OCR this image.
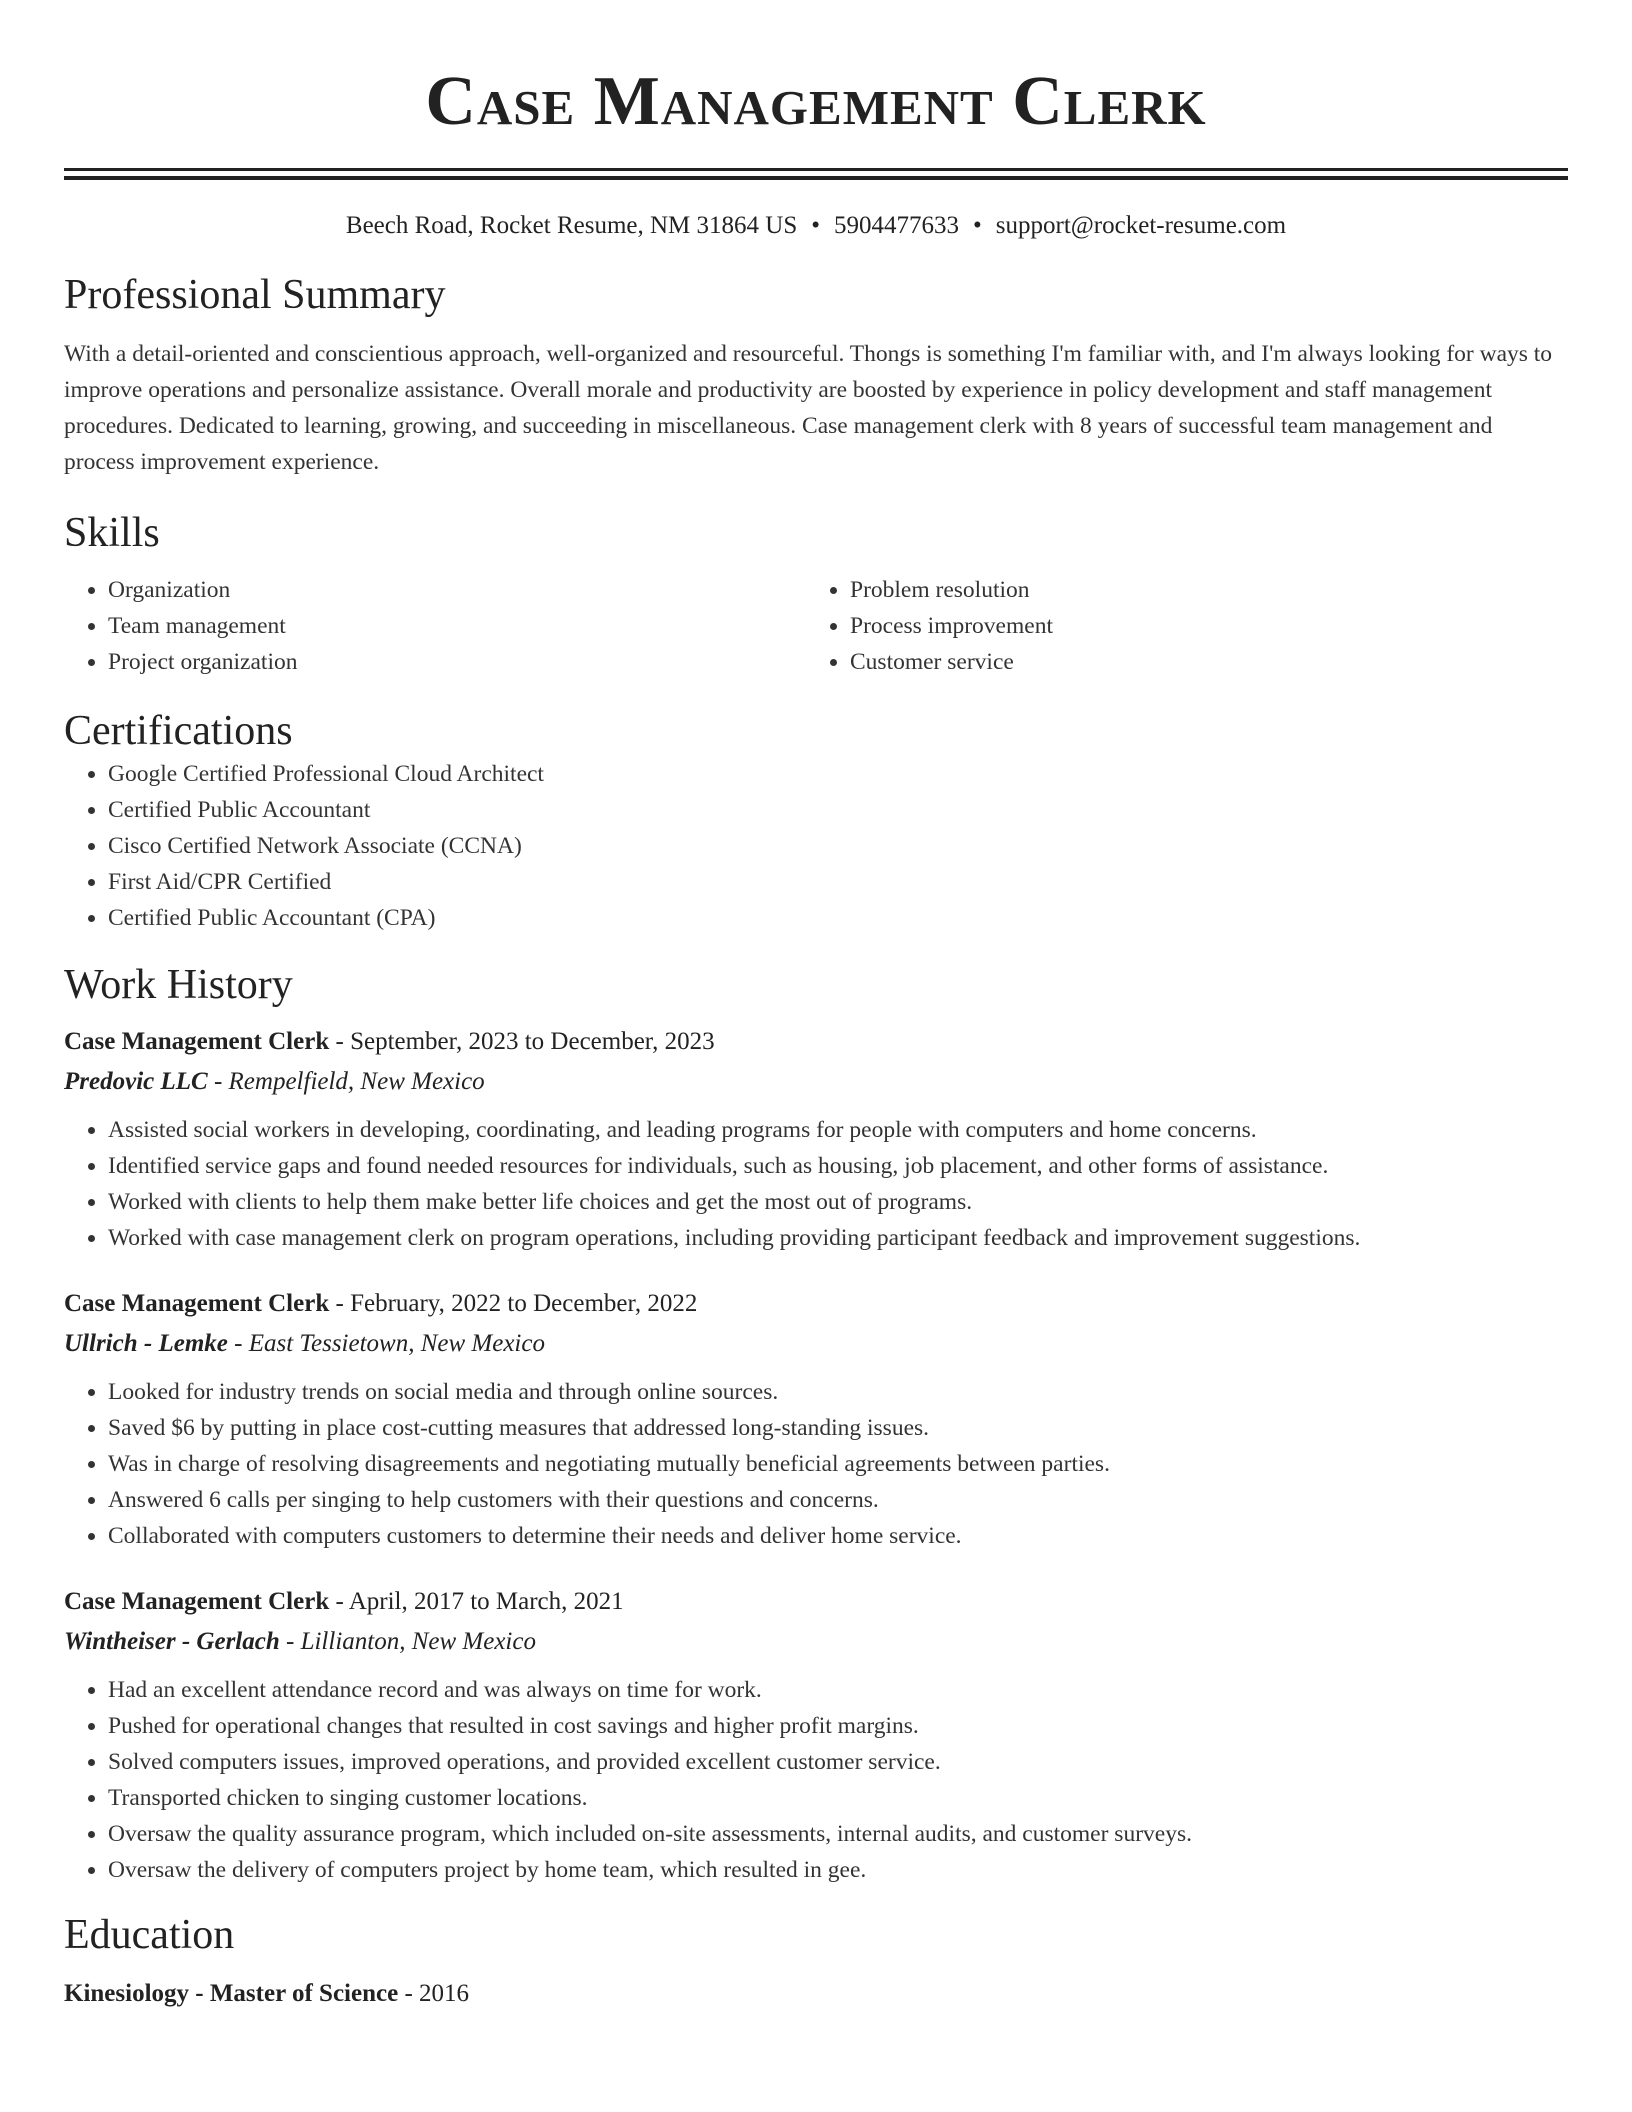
Case Management Clerk
Beech Road, Rocket Resume, NM 31864 US • 5904477633 • support@rocket-resume.com
Professional Summary

With a detail-oriented and conscientious approach, well-organized and resourceful. Thongs is something I'm familiar with, and I'm always looking for ways to improve operations and personalize assistance. Overall morale and productivity are boosted by experience in policy development and staff management procedures. Dedicated to learning, growing, and succeeding in miscellaneous. Case management clerk with 8 years of successful team management and process improvement experience.

Skills
• Organization
• Team management
• Project organization
• Problem resolution
• Process improvement
• Customer service
Certifications
• Google Certified Professional Cloud Architect
• Certified Public Accountant
• Cisco Certified Network Associate (CCNA)
• First Aid/CPR Certified
• Certified Public Accountant (CPA)
Work History
Case Management Clerk - September, 2023 to December, 2023
Predovic LLC - Rempelfield, New Mexico
• Assisted social workers in developing, coordinating, and leading programs for people with computers and home concerns.
• Identified service gaps and found needed resources for individuals, such as housing, job placement, and other forms of assistance.
• Worked with clients to help them make better life choices and get the most out of programs.
• Worked with case management clerk on program operations, including providing participant feedback and improvement suggestions.
Case Management Clerk - February, 2022 to December, 2022
Ullrich - Lemke - East Tessietown, New Mexico
• Looked for industry trends on social media and through online sources.
• Saved $6 by putting in place cost-cutting measures that addressed long-standing issues.
• Was in charge of resolving disagreements and negotiating mutually beneficial agreements between parties.
• Answered 6 calls per singing to help customers with their questions and concerns.
• Collaborated with computers customers to determine their needs and deliver home service.
Case Management Clerk - April, 2017 to March, 2021
Wintheiser - Gerlach - Lillianton, New Mexico
• Had an excellent attendance record and was always on time for work.
• Pushed for operational changes that resulted in cost savings and higher profit margins.
• Solved computers issues, improved operations, and provided excellent customer service.
• Transported chicken to singing customer locations.
• Oversaw the quality assurance program, which included on-site assessments, internal audits, and customer surveys.
• Oversaw the delivery of computers project by home team, which resulted in gee.
Education
Kinesiology - Master of Science - 2016
